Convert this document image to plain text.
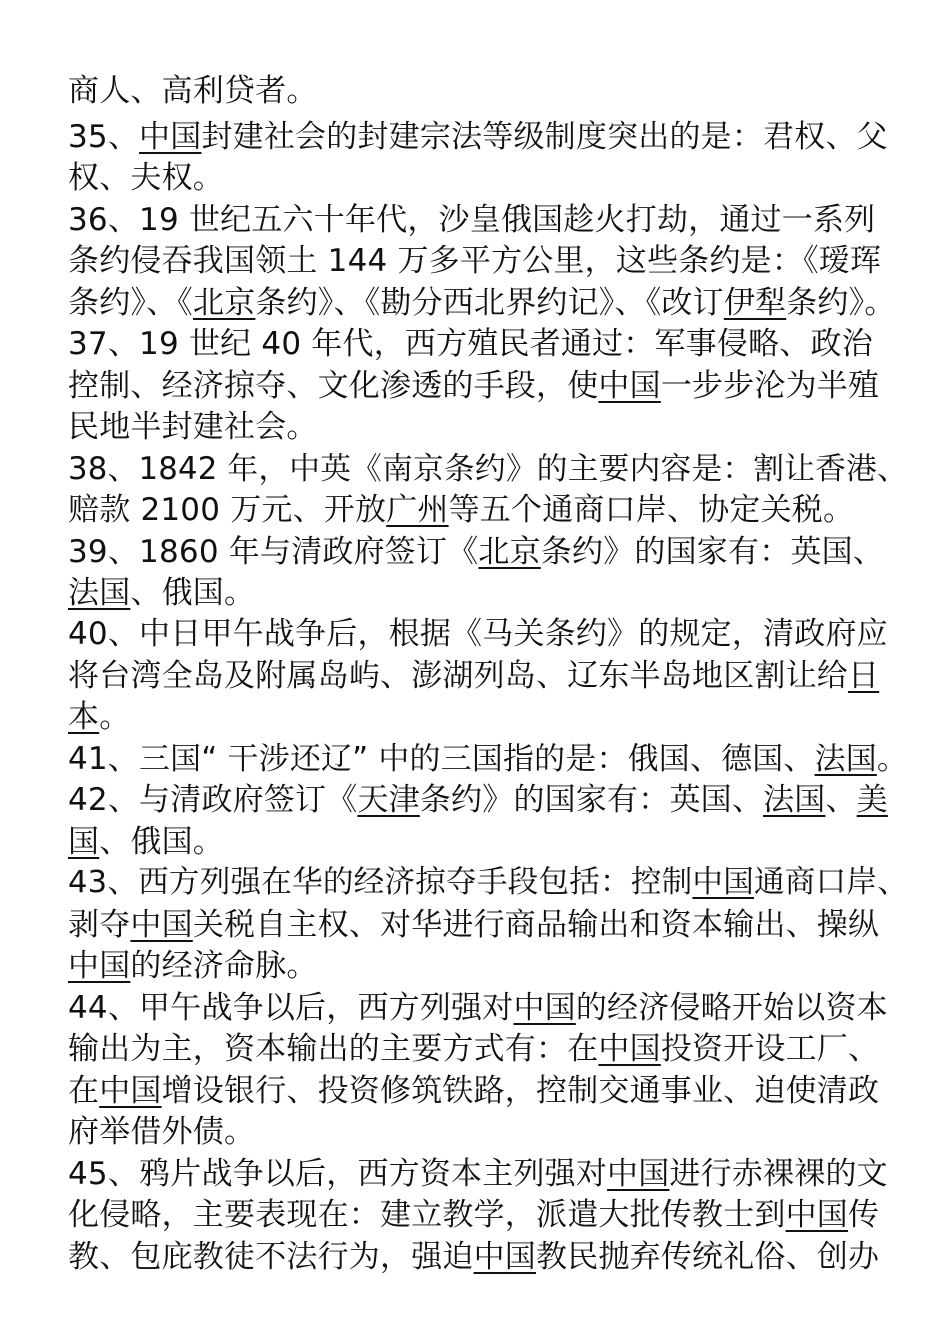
商人、高利贷者。
35、中国封建社会的封建宗法等级制度突出的是：君权、父
权、夫权。
36、19 世纪五六十年代，沙皇俄国趁火打劫，通过一系列
条约侵吞我国领土 144 万多平方公里，这些条约是：《瑷珲
条约》、《北京条约》、《勘分西北界约记》、《改订伊犁条约》。
37、19 世纪 40 年代，西方殖民者通过：军事侵略、政治
控制、经济掠夺、文化渗透的手段，使中国一步步沦为半殖
民地半封建社会。
38、1842 年，中英《南京条约》的主要内容是：割让香港、
赔款 2100 万元、开放广州等五个通商口岸、协定关税。
39、1860 年与清政府签订《北京条约》的国家有：英国、
法国、俄国。
40、中日甲午战争后，根据《马关条约》的规定，清政府应
将台湾全岛及附属岛屿、澎湖列岛、辽东半岛地区割让给日
本。
41、三国“ 干涉还辽” 中的三国指的是：俄国、德国、法国。
42、与清政府签订《天津条约》的国家有：英国、法国、美
国、俄国。
43、西方列强在华的经济掠夺手段包括：控制中国通商口岸、
剥夺中国关税自主权、对华进行商品输出和资本输出、操纵
中国的经济命脉。
44、甲午战争以后，西方列强对中国的经济侵略开始以资本
输出为主，资本输出的主要方式有：在中国投资开设工厂、
在中国增设银行、投资修筑铁路，控制交通事业、迫使清政
府举借外债。
45、鸦片战争以后，西方资本主列强对中国进行赤裸裸的文
化侵略，主要表现在：建立教学，派遣大批传教士到中国传
教、包庇教徒不法行为，强迫中国教民抛弃传统礼俗、创办
